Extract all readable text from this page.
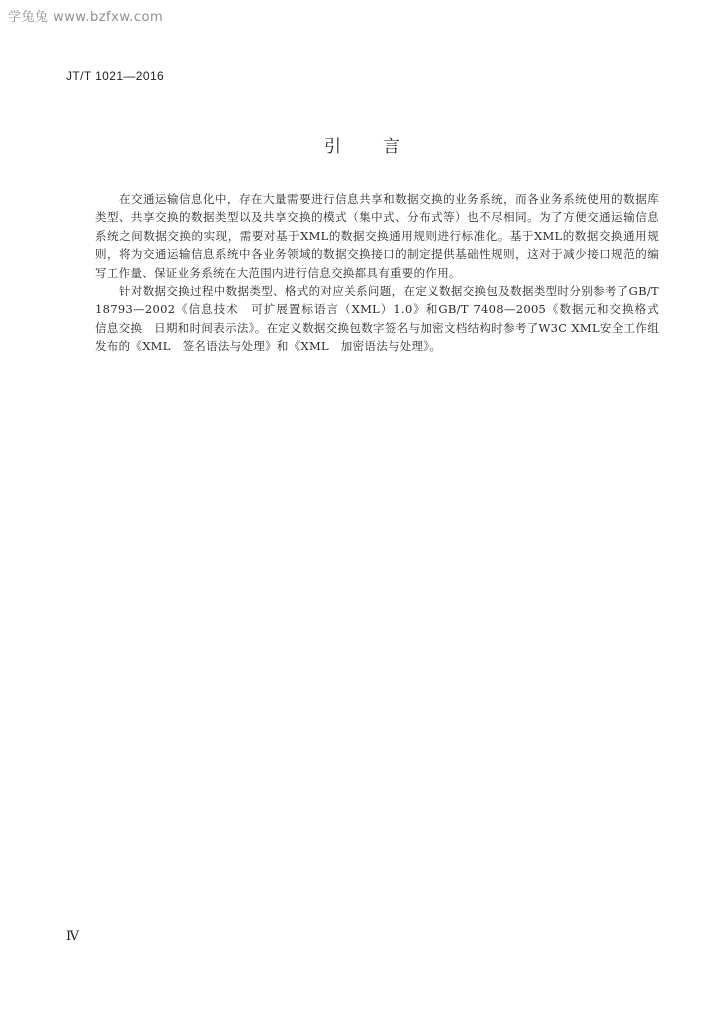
学兔兔 www.bzfxw.com
JT/T 1021—2016
引 言

在交通运输信息化中，存在大量需要进行信息共享和数据交换的业务系统，而各业务系统使用的数据库类型、共享交换的数据类型以及共享交换的模式（集中式、分布式等）也不尽相同。为了方便交通运输信息系统之间数据交换的实现，需要对基于XML的数据交换通用规则进行标准化。基于XML的数据交换通用规则，将为交通运输信息系统中各业务领域的数据交换接口的制定提供基础性规则，这对于减少接口规范的编写工作量、保证业务系统在大范围内进行信息交换都具有重要的作用。

针对数据交换过程中数据类型、格式的对应关系问题，在定义数据交换包及数据类型时分别参考了GB/T 18793—2002《信息技术　可扩展置标语言（XML）1.0》和GB/T 7408—2005《数据元和交换格式　信息交换　日期和时间表示法》。在定义数据交换包数字签名与加密文档结构时参考了W3C XML安全工作组发布的《XML　签名语法与处理》和《XML　加密语法与处理》。

Ⅳ
